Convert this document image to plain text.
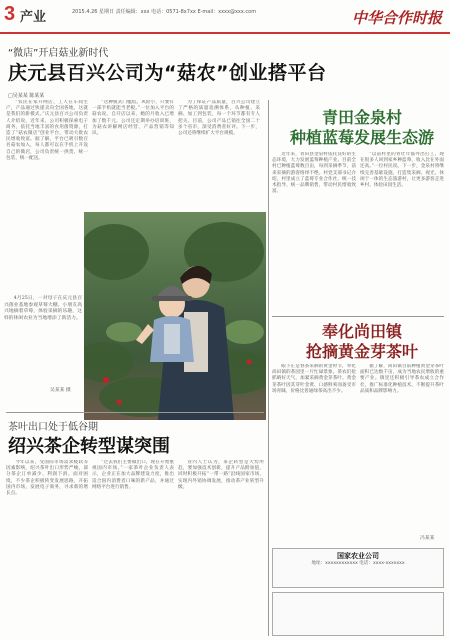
3 产业	2015.4.26 星期日 责任编辑：xxx 电话：0571-8x7xx E-mail：xxxx@xxx.com	中华合作时报
“微店”开启菇业新时代
庆元县百兴公司为“菇农”创业搭平台
□吴某某 陈某某

“农民在家开网店，工人在车间生产，产品通过快递卖向全国各地，这就是我们的新模式。”庆元县百兴公司负责人介绍说。近年来，公司积极探索电子商务，依托当地丰富的食用菌资源，打造了“菇农微店”创业平台，带动大批农民增收致富。据了解，平台已吸引数百名菇农加入，每人都可以在手机上开设自己的微店，公司负责统一供货、统一包装、统一配送。

“这种模式门槛低、风险小，只要有一部手机就能当老板。”一位加入平台的菇农说。自开店以来，她的月收入已增加了数千元。公司还定期举办培训班，为菇农讲解网店经营、产品营销等知识。

为了保证产品质量，百兴公司建立了严格的质量追溯体系，从种植、采摘、加工到包装，每一个环节都有专人把关。目前，公司产品已销往全国二十多个省市，深受消费者好评。下一步，公司还将继续扩大平台规模。

4月25日，一对母子在庆元县百兴菌业基地参观草莓大棚。小朋友高兴地摘着草莓，体验采摘的乐趣，这样的休闲农业为当地增添了新活力。

吴某某 摄
青田金泉村
种植蓝莓发展生态游

近年来，青田县金泉村依托良好的生态环境，大力发展蓝莓种植产业。目前全村已种植蓝莓数百亩，每到采摘季节，前来采摘的游客络绎不绝。村党支部书记介绍，村里成立了蓝莓专业合作社，统一技术指导、统一品牌销售，带动村民增收致富。

“以前村里的青壮年都外出打工，现在很多人回到家乡种蓝莓，收入比在外面还高。”一位村民说。下一步，金泉村将继续完善基础设施，打造集采摘、观光、休闲于一体的生态旅游村，让更多游客走进乡村、体验田园生活。

奉化尚田镇
抢摘黄金芽茶叶

眼下正是春茶采摘的黄金时节，奉化尚田镇的茶园里一片忙碌景象。茶农们抢抓晴好天气，加紧采摘黄金芽茶叶。黄金芽茶叶因其芽叶金黄、口感鲜爽而备受市场青睐，价格比普通绿茶高出不少。

据了解，尚田镇目前种植黄金芽茶叶面积已达数千亩，成为当地农民增收的重要产业。镇里还积极引导茶农成立合作社，推广标准化种植技术，不断提升茶叶品质和品牌影响力。

冯某某
茶叶出口处于低谷期
绍兴茶企转型谋突围

今年以来，受国际市场需求疲软等因素影响，绍兴茶叶出口形势严峻，部分茶企订单减少、利润下滑。面对困境，不少茶企积极转变发展思路，开拓国内市场，发展电子商务，寻求新的增长点。

“过去我们主要做出口，现在开始重视国内市场。”一家茶叶企业负责人表示，企业正在加大品牌建设力度，推出适合国内消费者口味的新产品，并通过网络平台进行销售。

业内人士认为，茶企转型是大势所趋，要加强技术创新，提升产品附加值，同时积极开拓“一带一路”沿线国家市场，实现内外销协调发展，推动茶产业转型升级。

国家农业公司
地址：xxxxxxxxxxxx 电话：xxxx-xxxxxxx
